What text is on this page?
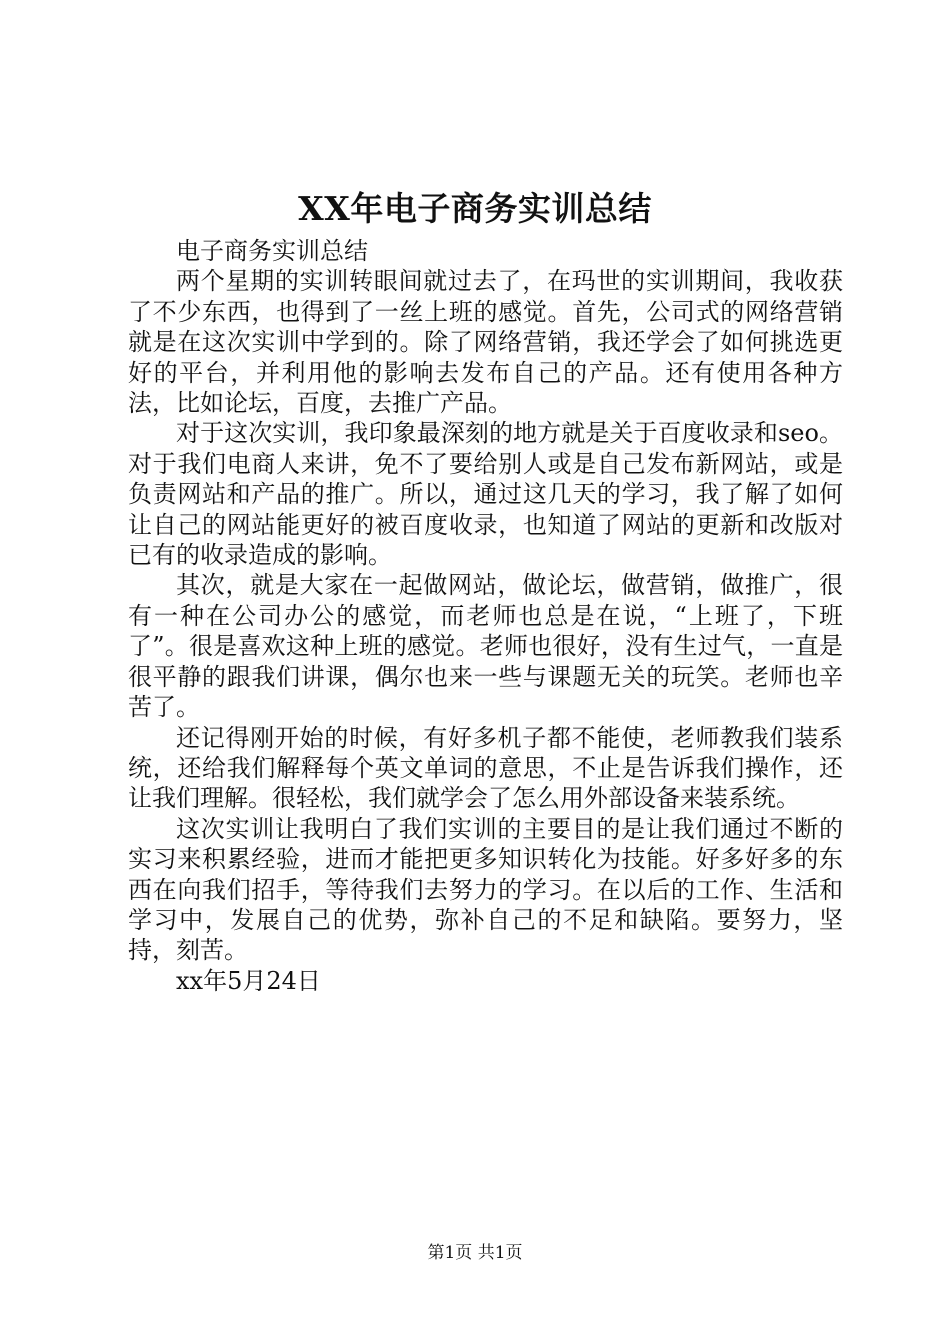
XX年电子商务实训总结

电子商务实训总结

两个星期的实训转眼间就过去了，在玛世的实训期间，我收获了不少东西，也得到了一丝上班的感觉。首先，公司式的网络营销就是在这次实训中学到的。除了网络营销，我还学会了如何挑选更好的平台，并利用他的影响去发布自己的产品。还有使用各种方法，比如论坛，百度，去推广产品。

对于这次实训，我印象最深刻的地方就是关于百度收录和seo。对于我们电商人来讲，免不了要给别人或是自己发布新网站，或是负责网站和产品的推广。所以，通过这几天的学习，我了解了如何让自己的网站能更好的被百度收录，也知道了网站的更新和改版对已有的收录造成的影响。

其次，就是大家在一起做网站，做论坛，做营销，做推广，很有一种在公司办公的感觉，而老师也总是在说，“上班了，下班了”。很是喜欢这种上班的感觉。老师也很好，没有生过气，一直是很平静的跟我们讲课，偶尔也来一些与课题无关的玩笑。老师也辛苦了。

还记得刚开始的时候，有好多机子都不能使，老师教我们装系统，还给我们解释每个英文单词的意思，不止是告诉我们操作，还让我们理解。很轻松，我们就学会了怎么用外部设备来装系统。

这次实训让我明白了我们实训的主要目的是让我们通过不断的实习来积累经验，进而才能把更多知识转化为技能。好多好多的东西在向我们招手，等待我们去努力的学习。在以后的工作、生活和学习中，发展自己的优势，弥补自己的不足和缺陷。要努力，坚持，刻苦。

xx年5月24日

第1页 共1页
